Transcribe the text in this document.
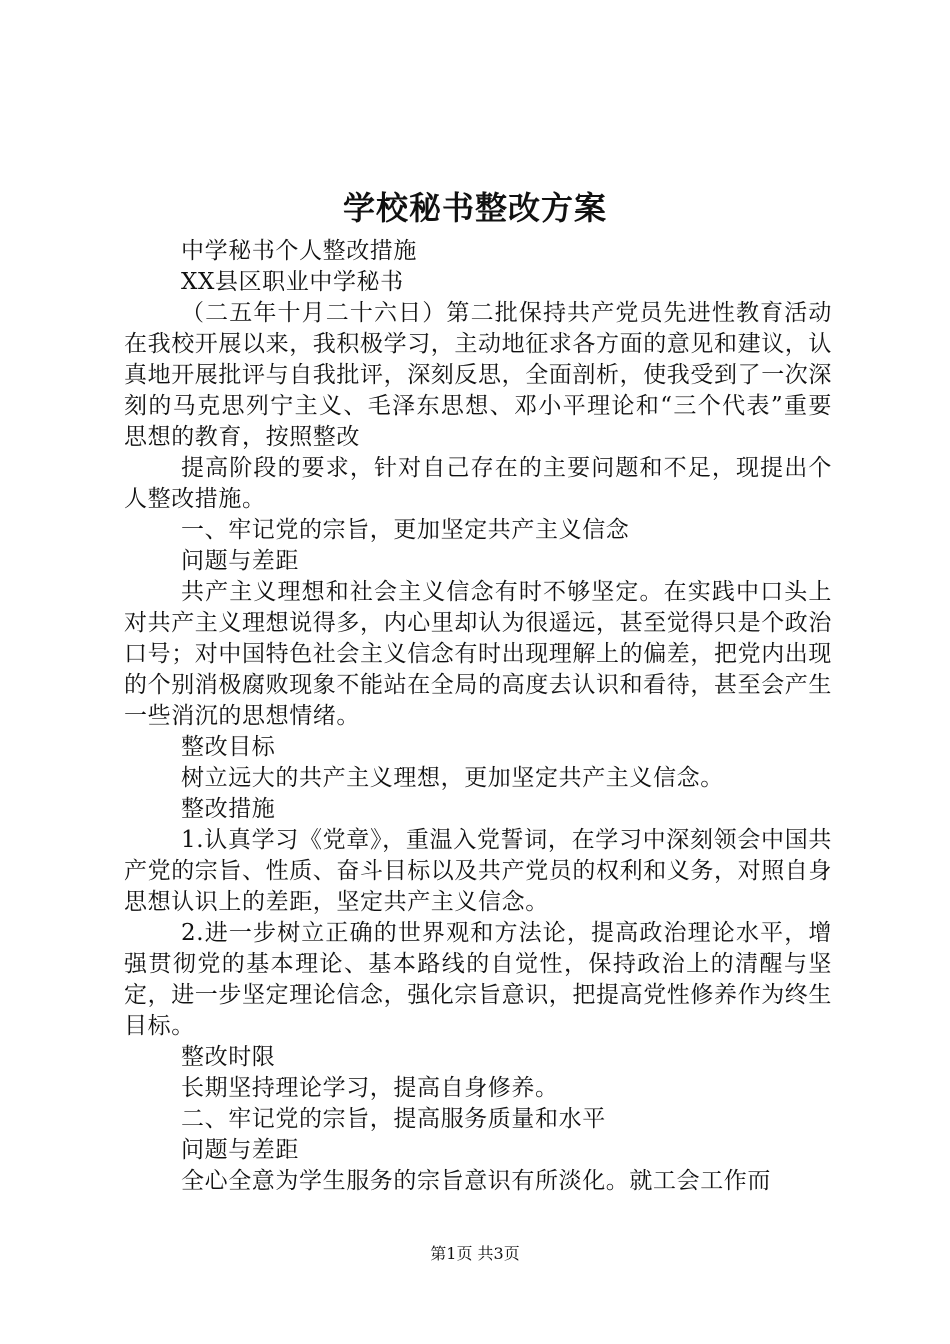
学校秘书整改方案

中学秘书个人整改措施

XX县区职业中学秘书

（二五年十月二十六日）第二批保持共产党员先进性教育活动在我校开展以来，我积极学习，主动地征求各方面的意见和建议，认真地开展批评与自我批评，深刻反思，全面剖析，使我受到了一次深刻的马克思列宁主义、毛泽东思想、邓小平理论和“三个代表”重要思想的教育，按照整改

提高阶段的要求，针对自己存在的主要问题和不足，现提出个人整改措施。

一、牢记党的宗旨，更加坚定共产主义信念

问题与差距

共产主义理想和社会主义信念有时不够坚定。在实践中口头上对共产主义理想说得多，内心里却认为很遥远，甚至觉得只是个政治口号；对中国特色社会主义信念有时出现理解上的偏差，把党内出现的个别消极腐败现象不能站在全局的高度去认识和看待，甚至会产生一些消沉的思想情绪。

整改目标

树立远大的共产主义理想，更加坚定共产主义信念。

整改措施

1.认真学习《党章》，重温入党誓词，在学习中深刻领会中国共产党的宗旨、性质、奋斗目标以及共产党员的权利和义务，对照自身思想认识上的差距，坚定共产主义信念。

2.进一步树立正确的世界观和方法论，提高政治理论水平，增强贯彻党的基本理论、基本路线的自觉性，保持政治上的清醒与坚定，进一步坚定理论信念，强化宗旨意识，把提高党性修养作为终生目标。

整改时限

长期坚持理论学习，提高自身修养。

二、牢记党的宗旨，提高服务质量和水平

问题与差距

全心全意为学生服务的宗旨意识有所淡化。就工会工作而

第1页 共3页
